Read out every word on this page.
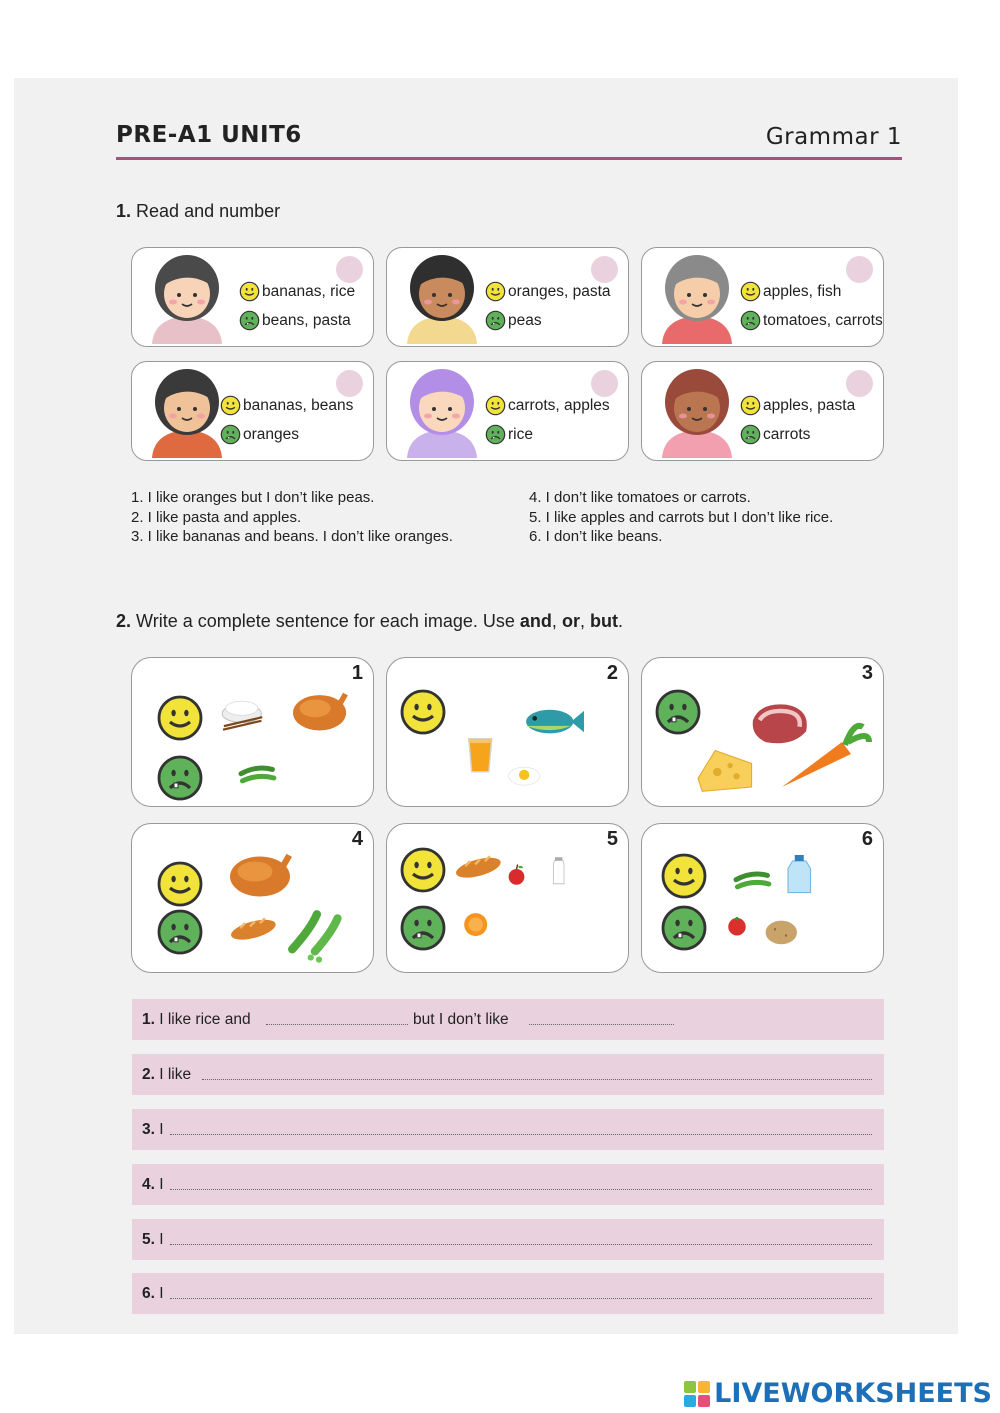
PRE-A1 UNIT6	Grammar 1
1. Read and number
bananas, rice
beans, pasta
oranges, pasta
peas
apples, fish
tomatoes, carrots
bananas, beans
oranges
carrots, apples
rice
apples, pasta
carrots
1. I like oranges but I don’t like peas.
2. I like pasta and apples.
3. I like bananas and beans. I don’t like oranges.
4. I don’t like tomatoes or carrots.
5. I like apples and carrots but I don’t like rice.
6. I don’t like beans.
2. Write a complete sentence for each image. Use and, or, but.
1	2	3
4	5	6
1. I like rice and	but I don’t like
2. I like
3. I
4. I
5. I
6. I
LIVEWORKSHEETS
